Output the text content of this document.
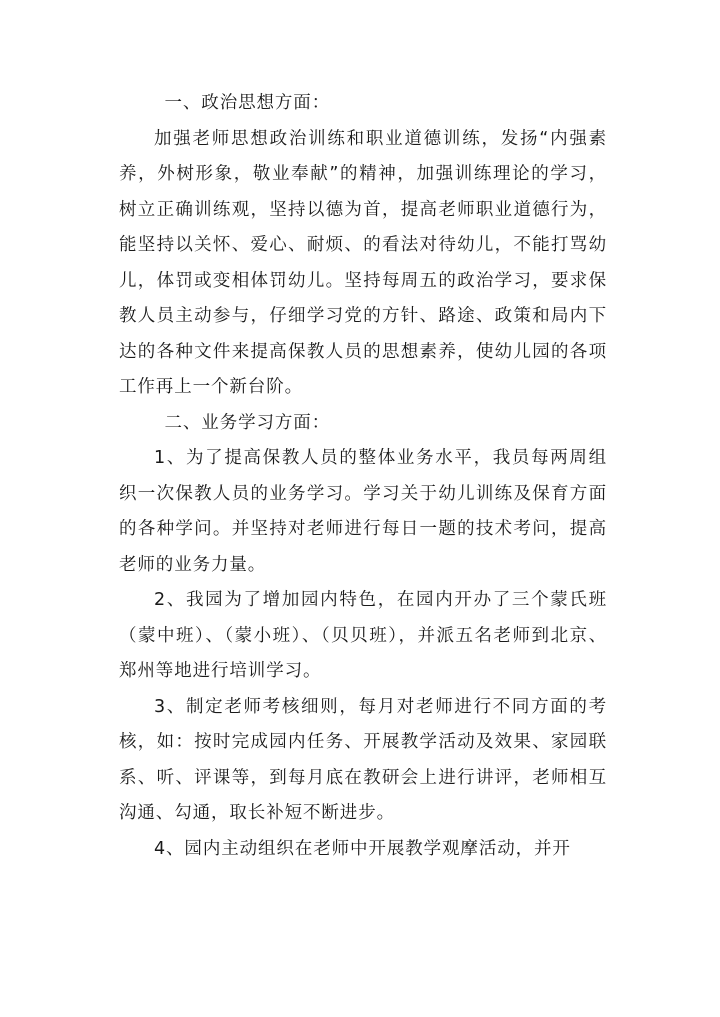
一、政治思想方面：

加强老师思想政治训练和职业道德训练，发扬“内强素养，外树形象，敬业奉献”的精神，加强训练理论的学习，树立正确训练观，坚持以德为首，提高老师职业道德行为，能坚持以关怀、爱心、耐烦、的看法对待幼儿，不能打骂幼儿，体罚或变相体罚幼儿。坚持每周五的政治学习，要求保教人员主动参与，仔细学习党的方针、路途、政策和局内下达的各种文件来提高保教人员的思想素养，使幼儿园的各项工作再上一个新台阶。

二、业务学习方面：

1、为了提高保教人员的整体业务水平，我员每两周组织一次保教人员的业务学习。学习关于幼儿训练及保育方面的各种学问。并坚持对老师进行每日一题的技术考问，提高老师的业务力量。

2、我园为了增加园内特色，在园内开办了三个蒙氏班（蒙中班）、（蒙小班）、（贝贝班），并派五名老师到北京、郑州等地进行培训学习。

3、制定老师考核细则，每月对老师进行不同方面的考核，如：按时完成园内任务、开展教学活动及效果、家园联系、听、评课等，到每月底在教研会上进行讲评，老师相互沟通、勾通，取长补短不断进步。

4、园内主动组织在老师中开展教学观摩活动，并开
